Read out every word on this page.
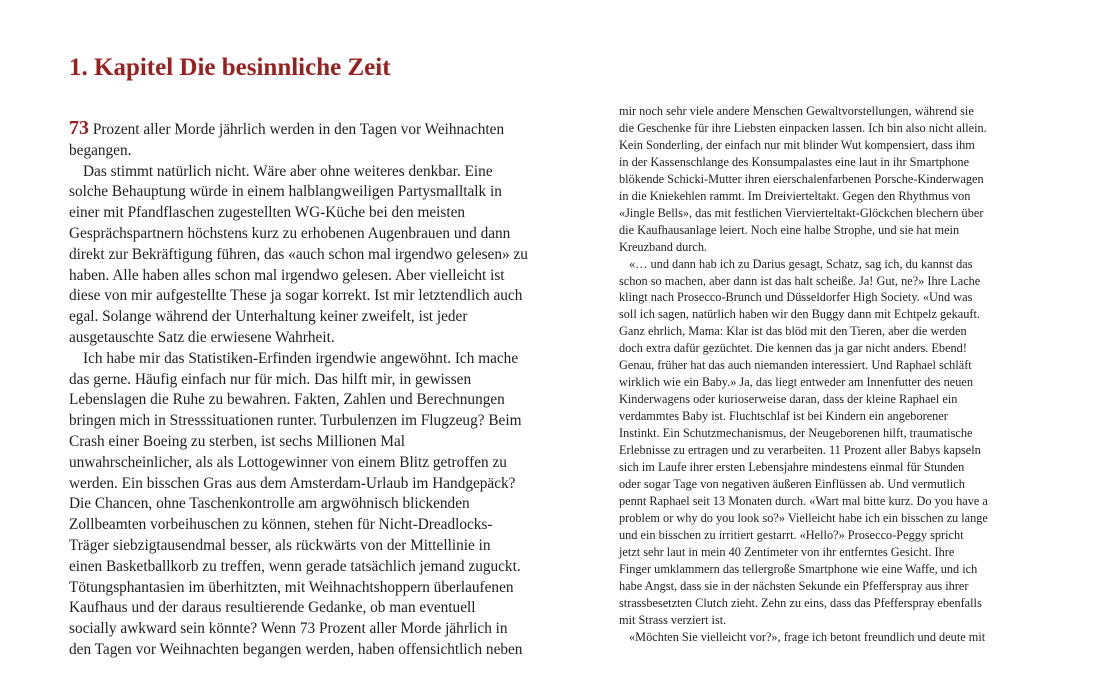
1. Kapitel Die besinnliche Zeit
73 Prozent aller Morde jährlich werden in den Tagen vor Weihnachten
begangen.
Das stimmt natürlich nicht. Wäre aber ohne weiteres denkbar. Eine
solche Behauptung würde in einem halblangweiligen Partysmalltalk in
einer mit Pfandflaschen zugestellten WG-Küche bei den meisten
Gesprächspartnern höchstens kurz zu erhobenen Augenbrauen und dann
direkt zur Bekräftigung führen, das «auch schon mal irgendwo gelesen» zu
haben. Alle haben alles schon mal irgendwo gelesen. Aber vielleicht ist
diese von mir aufgestellte These ja sogar korrekt. Ist mir letztendlich auch
egal. Solange während der Unterhaltung keiner zweifelt, ist jeder
ausgetauschte Satz die erwiesene Wahrheit.
Ich habe mir das Statistiken-Erfinden irgendwie angewöhnt. Ich mache
das gerne. Häufig einfach nur für mich. Das hilft mir, in gewissen
Lebenslagen die Ruhe zu bewahren. Fakten, Zahlen und Berechnungen
bringen mich in Stresssituationen runter. Turbulenzen im Flugzeug? Beim
Crash einer Boeing zu sterben, ist sechs Millionen Mal
unwahrscheinlicher, als als Lottogewinner von einem Blitz getroffen zu
werden. Ein bisschen Gras aus dem Amsterdam-Urlaub im Handgepäck?
Die Chancen, ohne Taschenkontrolle am argwöhnisch blickenden
Zollbeamten vorbeihuschen zu können, stehen für Nicht-Dreadlocks-
Träger siebzigtausendmal besser, als rückwärts von der Mittellinie in
einen Basketballkorb zu treffen, wenn gerade tatsächlich jemand zuguckt.
Tötungsphantasien im überhitzten, mit Weihnachtshoppern überlaufenen
Kaufhaus und der daraus resultierende Gedanke, ob man eventuell
socially awkward sein könnte? Wenn 73 Prozent aller Morde jährlich in
den Tagen vor Weihnachten begangen werden, haben offensichtlich neben
mir noch sehr viele andere Menschen Gewaltvorstellungen, während sie
die Geschenke für ihre Liebsten einpacken lassen. Ich bin also nicht allein.
Kein Sonderling, der einfach nur mit blinder Wut kompensiert, dass ihm
in der Kassenschlange des Konsumpalastes eine laut in ihr Smartphone
blökende Schicki-Mutter ihren eierschalenfarbenen Porsche-Kinderwagen
in die Kniekehlen rammt. Im Dreivierteltakt. Gegen den Rhythmus von
«Jingle Bells», das mit festlichen Viervierteltakt-Glöckchen blechern über
die Kaufhausanlage leiert. Noch eine halbe Strophe, und sie hat mein
Kreuzband durch.
«… und dann hab ich zu Darius gesagt, Schatz, sag ich, du kannst das
schon so machen, aber dann ist das halt scheiße. Ja! Gut, ne?» Ihre Lache
klingt nach Prosecco-Brunch und Düsseldorfer High Society. «Und was
soll ich sagen, natürlich haben wir den Buggy dann mit Echtpelz gekauft.
Ganz ehrlich, Mama: Klar ist das blöd mit den Tieren, aber die werden
doch extra dafür gezüchtet. Die kennen das ja gar nicht anders. Ebend!
Genau, früher hat das auch niemanden interessiert. Und Raphael schläft
wirklich wie ein Baby.» Ja, das liegt entweder am Innenfutter des neuen
Kinderwagens oder kurioserweise daran, dass der kleine Raphael ein
verdammtes Baby ist. Fluchtschlaf ist bei Kindern ein angeborener
Instinkt. Ein Schutzmechanismus, der Neugeborenen hilft, traumatische
Erlebnisse zu ertragen und zu verarbeiten. 11 Prozent aller Babys kapseln
sich im Laufe ihrer ersten Lebensjahre mindestens einmal für Stunden
oder sogar Tage von negativen äußeren Einflüssen ab. Und vermutlich
pennt Raphael seit 13 Monaten durch. «Wart mal bitte kurz. Do you have a
problem or why do you look so?» Vielleicht habe ich ein bisschen zu lange
und ein bisschen zu irritiert gestarrt. «Hello?» Prosecco-Peggy spricht
jetzt sehr laut in mein 40 Zentimeter von ihr entferntes Gesicht. Ihre
Finger umklammern das tellergroße Smartphone wie eine Waffe, und ich
habe Angst, dass sie in der nächsten Sekunde ein Pfefferspray aus ihrer
strassbesetzten Clutch zieht. Zehn zu eins, dass das Pfefferspray ebenfalls
mit Strass verziert ist.
«Möchten Sie vielleicht vor?», frage ich betont freundlich und deute mit
